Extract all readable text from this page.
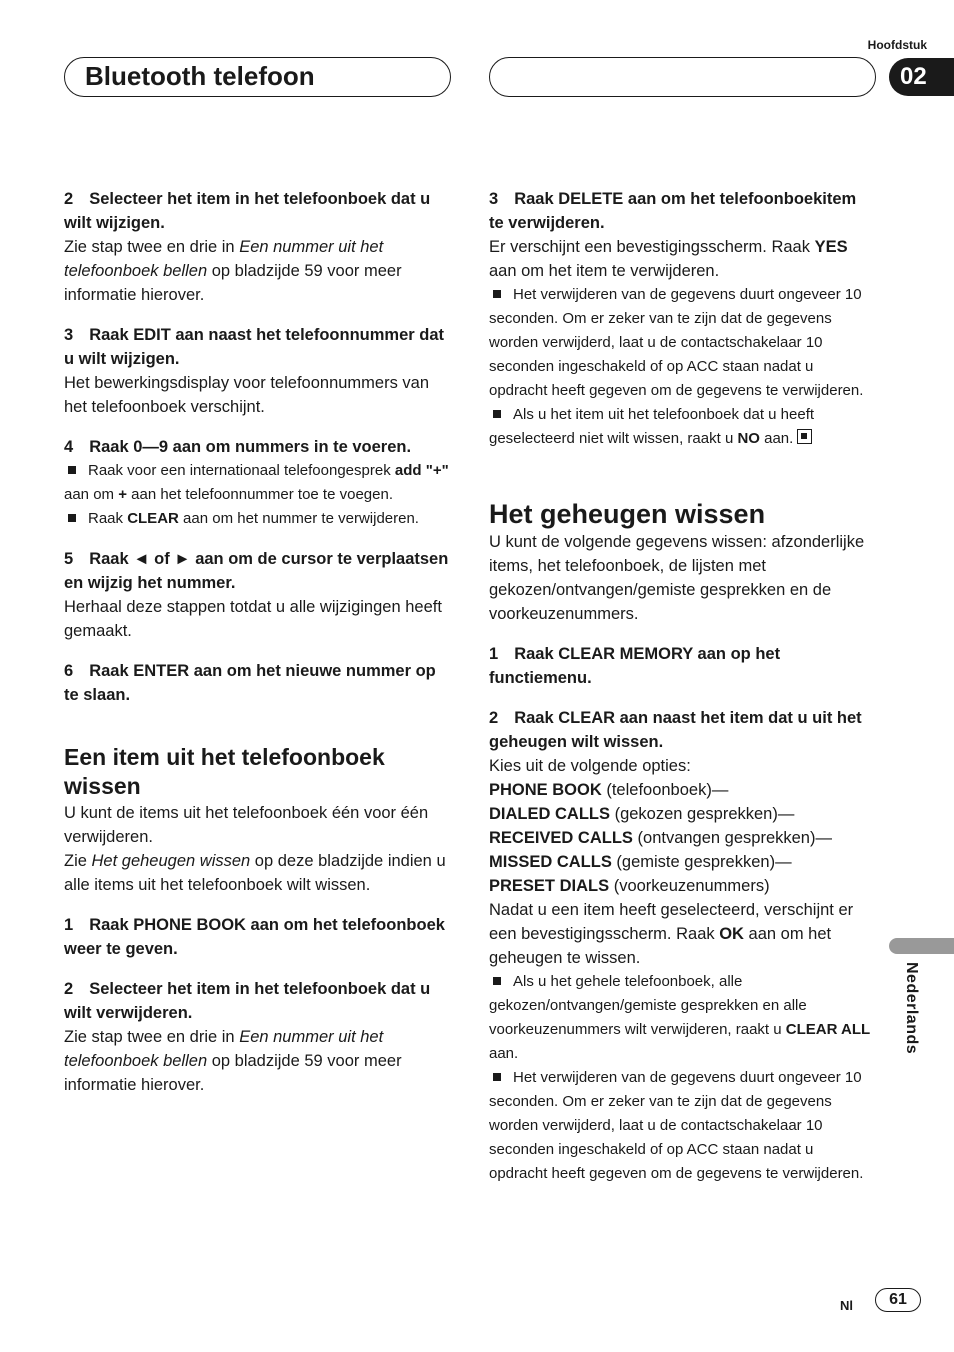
Hoofdstuk
02
Bluetooth telefoon
2 Selecteer het item in het telefoonboek dat u wilt wijzigen.

Zie stap twee en drie in Een nummer uit het telefoonboek bellen op bladzijde 59 voor meer informatie hierover.

3 Raak EDIT aan naast het telefoonnummer dat u wilt wijzigen.

Het bewerkingsdisplay voor telefoonnummers van het telefoonboek verschijnt.

4 Raak 0—9 aan om nummers in te voeren.

Raak voor een internationaal telefoongesprek add "+" aan om + aan het telefoonnummer toe te voegen.

Raak CLEAR aan om het nummer te verwijderen.

5 Raak ◄ of ► aan om de cursor te verplaatsen en wijzig het nummer.

Herhaal deze stappen totdat u alle wijzigingen heeft gemaakt.

6 Raak ENTER aan om het nieuwe nummer op te slaan.
Een item uit het telefoonboek wissen

U kunt de items uit het telefoonboek één voor één verwijderen.

Zie Het geheugen wissen op deze bladzijde indien u alle items uit het telefoonboek wilt wissen.

1 Raak PHONE BOOK aan om het telefoonboek weer te geven.
2 Selecteer het item in het telefoonboek dat u wilt verwijderen.

Zie stap twee en drie in Een nummer uit het telefoonboek bellen op bladzijde 59 voor meer informatie hierover.

3 Raak DELETE aan om het telefoonboekitem te verwijderen.

Er verschijnt een bevestigingsscherm. Raak YES aan om het item te verwijderen.

Het verwijderen van de gegevens duurt ongeveer 10 seconden. Om er zeker van te zijn dat de gegevens worden verwijderd, laat u de contactschakelaar 10 seconden ingeschakeld of op ACC staan nadat u opdracht heeft gegeven om de gegevens te verwijderen.

Als u het item uit het telefoonboek dat u heeft geselecteerd niet wilt wissen, raakt u NO aan.

Het geheugen wissen

U kunt de volgende gegevens wissen: afzonderlijke items, het telefoonboek, de lijsten met gekozen/ontvangen/gemiste gesprekken en de voorkeuzenummers.

1 Raak CLEAR MEMORY aan op het functiemenu.
2 Raak CLEAR aan naast het item dat u uit het geheugen wilt wissen.

Kies uit de volgende opties:

PHONE BOOK (telefoonboek)—
DIALED CALLS (gekozen gesprekken)—
RECEIVED CALLS (ontvangen gesprekken)—
MISSED CALLS (gemiste gesprekken)—
PRESET DIALS (voorkeuzenummers)

Nadat u een item heeft geselecteerd, verschijnt er een bevestigingsscherm. Raak OK aan om het geheugen te wissen.

Als u het gehele telefoonboek, alle gekozen/ontvangen/gemiste gesprekken en alle voorkeuzenummers wilt verwijderen, raakt u CLEAR ALL aan.

Het verwijderen van de gegevens duurt ongeveer 10 seconden. Om er zeker van te zijn dat de gegevens worden verwijderd, laat u de contactschakelaar 10 seconden ingeschakeld of op ACC staan nadat u opdracht heeft gegeven om de gegevens te verwijderen.

Nederlands
Nl	61
